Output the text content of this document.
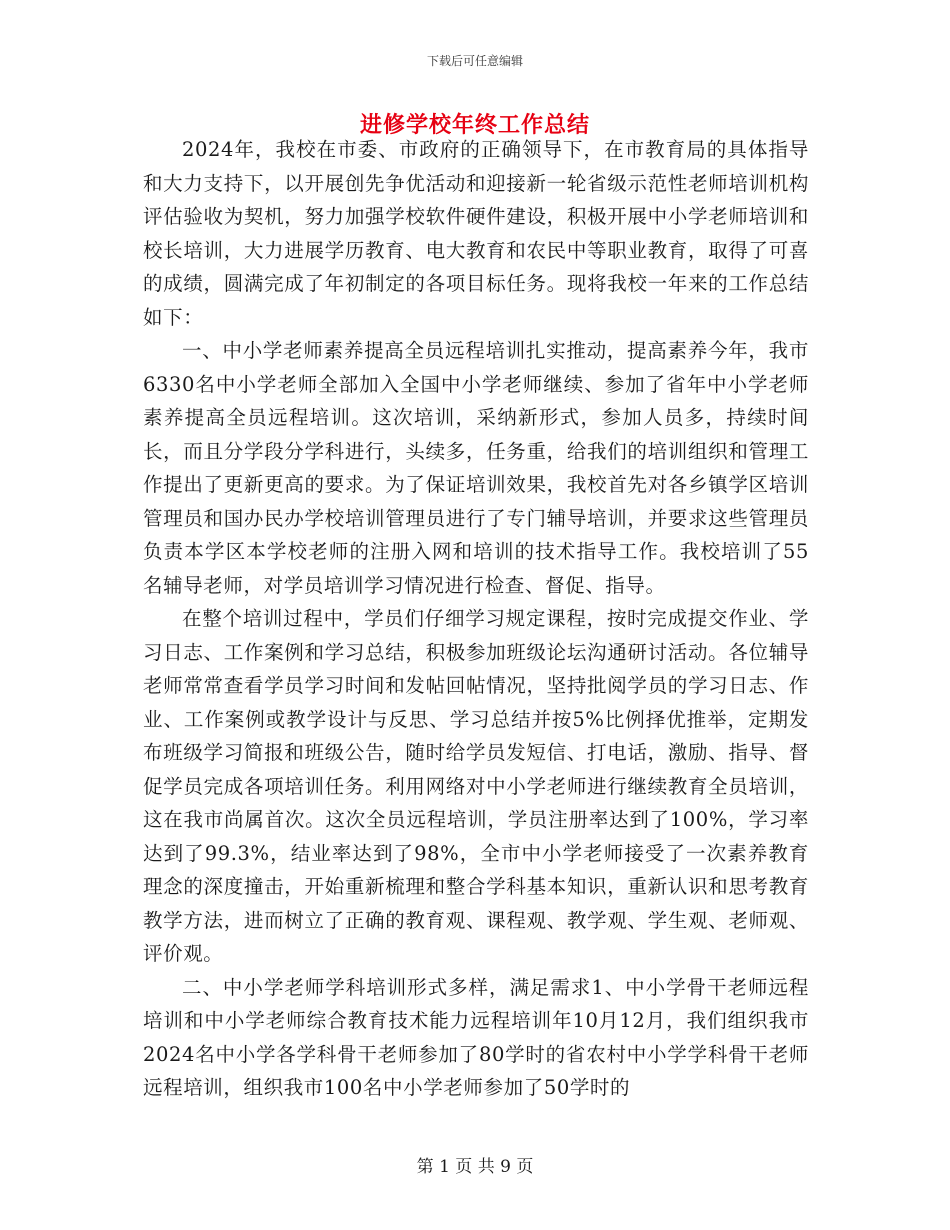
下载后可任意编辑
进修学校年终工作总结

2024年，我校在市委、市政府的正确领导下，在市教育局的具体指导和大力支持下，以开展创先争优活动和迎接新一轮省级示范性老师培训机构评估验收为契机，努力加强学校软件硬件建设，积极开展中小学老师培训和校长培训，大力进展学历教育、电大教育和农民中等职业教育，取得了可喜的成绩，圆满完成了年初制定的各项目标任务。现将我校一年来的工作总结如下：

一、中小学老师素养提高全员远程培训扎实推动，提高素养今年，我市6330名中小学老师全部加入全国中小学老师继续、参加了省年中小学老师素养提高全员远程培训。这次培训，采纳新形式，参加人员多，持续时间长，而且分学段分学科进行，头续多，任务重，给我们的培训组织和管理工作提出了更新更高的要求。为了保证培训效果，我校首先对各乡镇学区培训管理员和国办民办学校培训管理员进行了专门辅导培训，并要求这些管理员负责本学区本学校老师的注册入网和培训的技术指导工作。我校培训了55名辅导老师，对学员培训学习情况进行检查、督促、指导。

在整个培训过程中，学员们仔细学习规定课程，按时完成提交作业、学习日志、工作案例和学习总结，积极参加班级论坛沟通研讨活动。各位辅导老师常常查看学员学习时间和发帖回帖情况，坚持批阅学员的学习日志、作业、工作案例或教学设计与反思、学习总结并按5%比例择优推举，定期发布班级学习简报和班级公告，随时给学员发短信、打电话，激励、指导、督促学员完成各项培训任务。利用网络对中小学老师进行继续教育全员培训，这在我市尚属首次。这次全员远程培训，学员注册率达到了100%，学习率达到了99.3%，结业率达到了98%，全市中小学老师接受了一次素养教育理念的深度撞击，开始重新梳理和整合学科基本知识，重新认识和思考教育教学方法，进而树立了正确的教育观、课程观、教学观、学生观、老师观、评价观。

二、中小学老师学科培训形式多样，满足需求1、中小学骨干老师远程培训和中小学老师综合教育技术能力远程培训年10月12月，我们组织我市2024名中小学各学科骨干老师参加了80学时的省农村中小学学科骨干老师远程培训，组织我市100名中小学老师参加了50学时的

第 1 页 共 9 页
